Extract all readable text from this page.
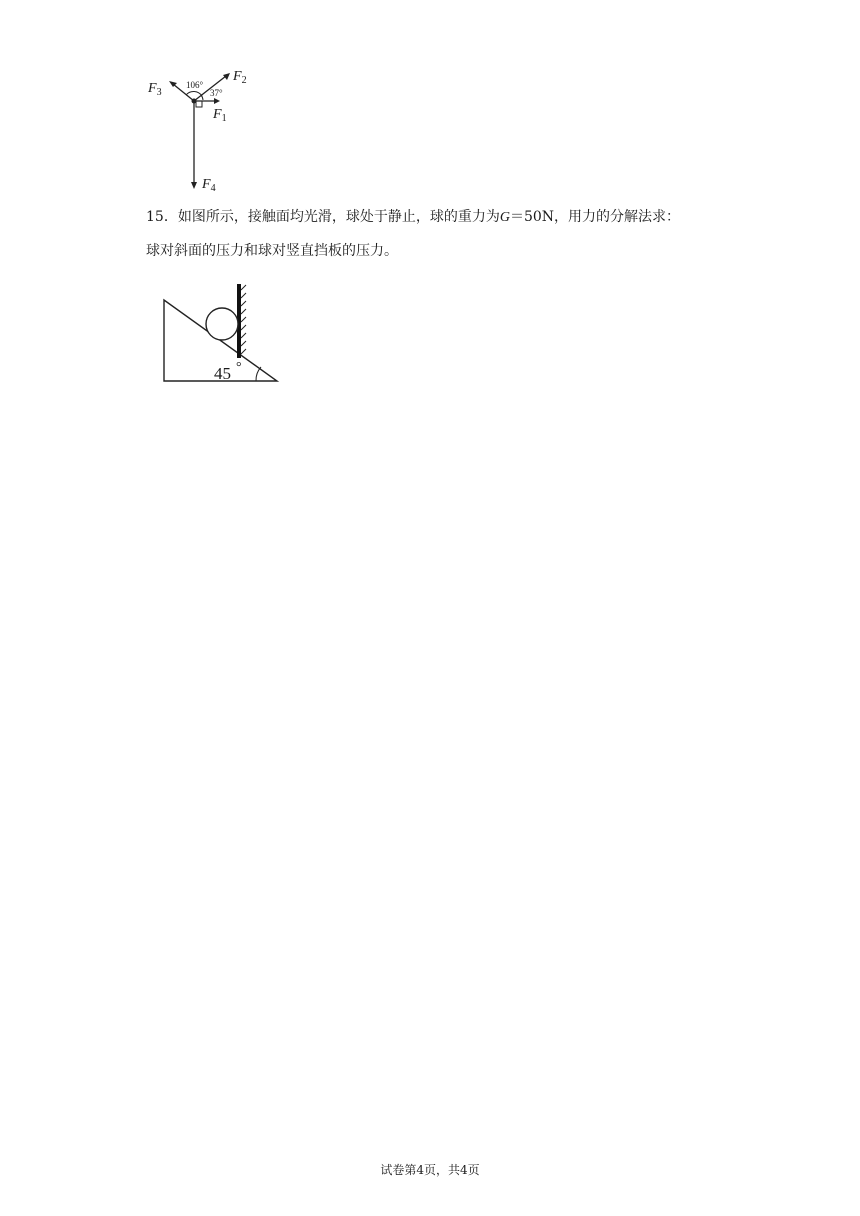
$F_3$
$F_2$
$F_1$
$F_4$
106°
37°
15．如图所示，接触面均光滑，球处于静止，球的重力为G＝50N，用力的分解法求：
球对斜面的压力和球对竖直挡板的压力。
45 °
试卷第4页，共4页
